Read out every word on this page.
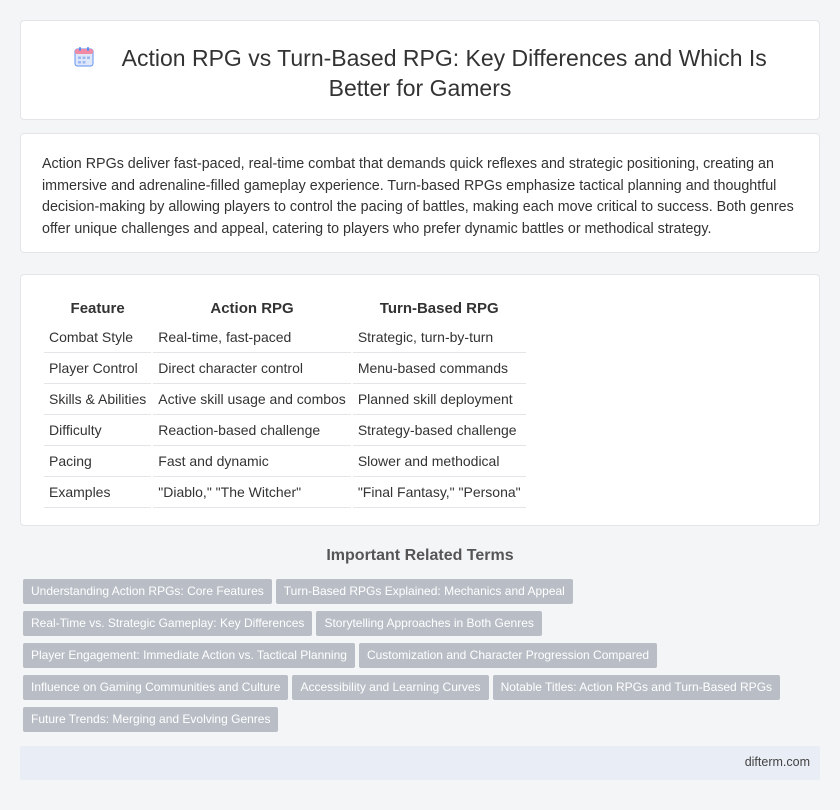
Action RPG vs Turn-Based RPG: Key Differences and Which Is Better for Gamers

Action RPGs deliver fast-paced, real-time combat that demands quick reflexes and strategic positioning, creating an immersive and adrenaline-filled gameplay experience. Turn-based RPGs emphasize tactical planning and thoughtful decision-making by allowing players to control the pacing of battles, making each move critical to success. Both genres offer unique challenges and appeal, catering to players who prefer dynamic battles or methodical strategy.

Feature	Action RPG	Turn-Based RPG
Combat Style	Real-time, fast-paced	Strategic, turn-by-turn
Player Control	Direct character control	Menu-based commands
Skills & Abilities	Active skill usage and combos	Planned skill deployment
Difficulty	Reaction-based challenge	Strategy-based challenge
Pacing	Fast and dynamic	Slower and methodical
Examples	"Diablo," "The Witcher"	"Final Fantasy," "Persona"
Important Related Terms
Understanding Action RPGs: Core Features Turn-Based RPGs Explained: Mechanics and Appeal
Real-Time vs. Strategic Gameplay: Key Differences Storytelling Approaches in Both Genres
Player Engagement: Immediate Action vs. Tactical Planning Customization and Character Progression Compared
Influence on Gaming Communities and Culture Accessibility and Learning Curves Notable Titles: Action RPGs and Turn-Based RPGs
Future Trends: Merging and Evolving Genres
difterm.com
